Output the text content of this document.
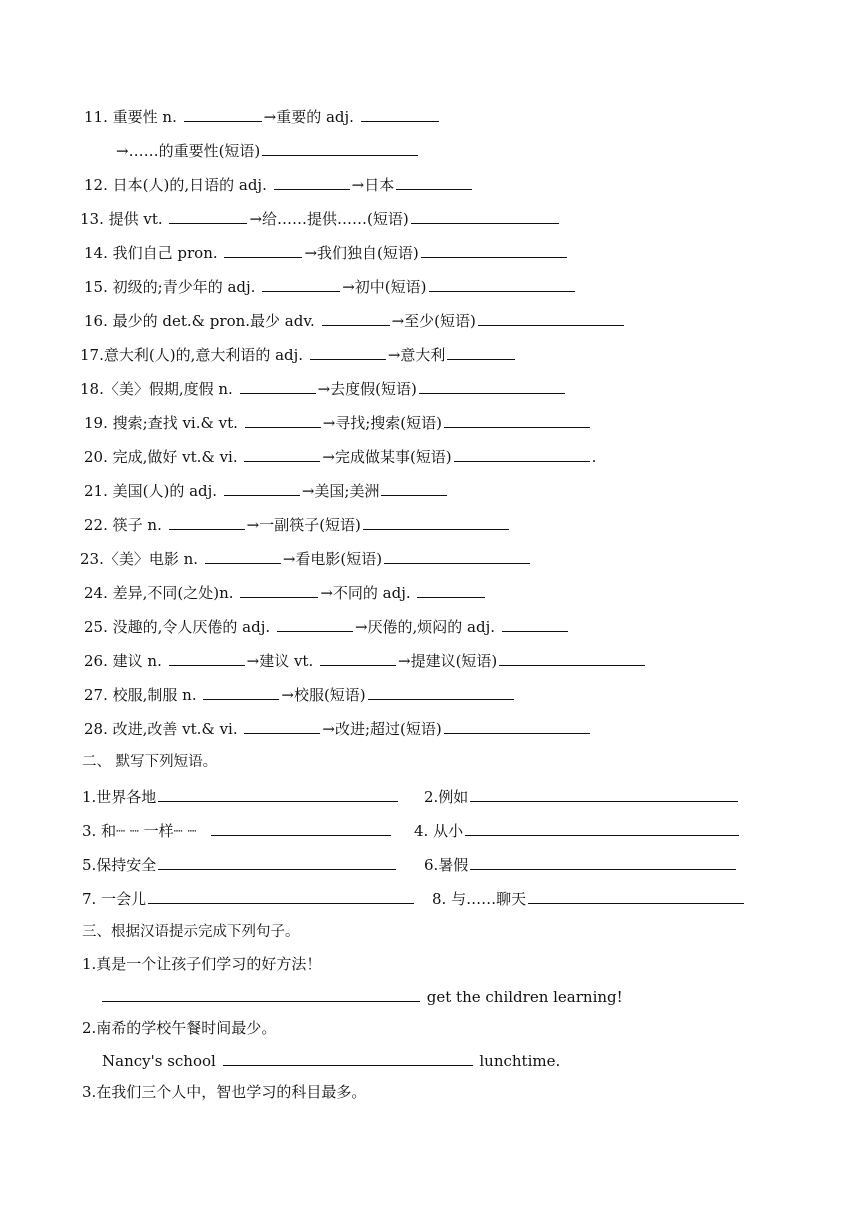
11. 重要性 n.	→重要的 adj.
→……的重要性(短语)
12. 日本(人)的,日语的 adj.	→日本
13. 提供 vt.	→给……提供……(短语)
14. 我们自己 pron.	→我们独自(短语)
15. 初级的;青少年的 adj.	→初中(短语)
16. 最少的 det.& pron.最少 adv.	→至少(短语)
17.意大利(人)的,意大利语的 adj.	→意大利
18.〈美〉假期,度假 n.	→去度假(短语)
19. 搜索;查找 vi.& vt.	→寻找;搜索(短语)
20. 完成,做好 vt.& vi.	→完成做某事(短语)	.
21. 美国(人)的 adj.	→美国;美洲
22. 筷子 n.	→一副筷子(短语)
23.〈美〉电影 n.	→看电影(短语)
24. 差异,不同(之处)n.	→不同的 adj.
25. 没趣的,令人厌倦的 adj.	→厌倦的,烦闷的 adj.
26. 建议 n.	→建议 vt.	→提建议(短语)
27. 校服,制服 n.	→校服(短语)
28. 改进,改善 vt.& vi.	→改进;超过(短语)
二、 默写下列短语。
1.世界各地	2.例如
3. 和┈ ┈ 一样┈ ┈	4. 从小
5.保持安全	6.暑假
7. 一会儿	8. 与……聊天
三、根据汉语提示完成下列句子。
1.真是一个让孩子们学习的好方法！
get the children learning!
2.南希的学校午餐时间最少。
Nancy's school	lunchtime.
3.在我们三个人中，智也学习的科目最多。
